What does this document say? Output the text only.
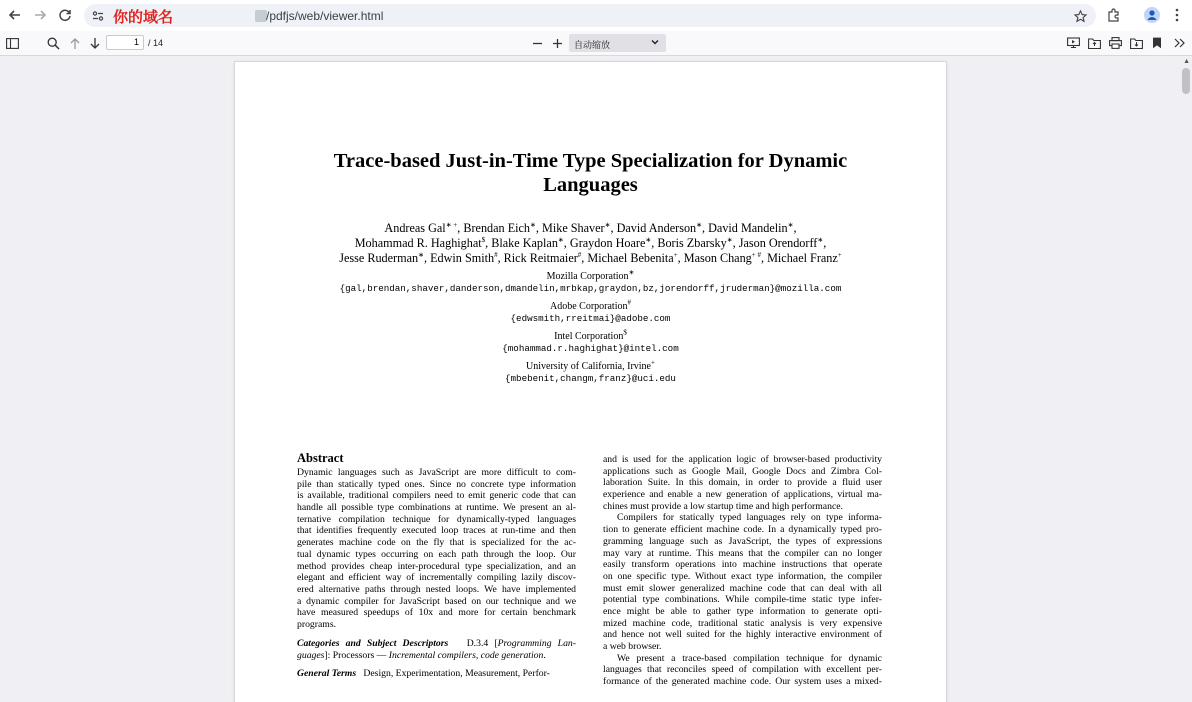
你的域名	/pdfjs/web/viewer.html
1	/ 14	自动缩放
▲
Trace-based Just-in-Time Type Specialization for Dynamic
Languages
Andreas Gal∗ +, Brendan Eich∗, Mike Shaver∗, David Anderson∗, David Mandelin∗,
Mohammad R. Haghighat$, Blake Kaplan∗, Graydon Hoare∗, Boris Zbarsky∗, Jason Orendorff∗,
Jesse Ruderman∗, Edwin Smith#, Rick Reitmaier#, Michael Bebenita+, Mason Chang+ #, Michael Franz+
Mozilla Corporation∗
{gal,brendan,shaver,danderson,dmandelin,mrbkap,graydon,bz,jorendorff,jruderman}@mozilla.com
Adobe Corporation#
{edwsmith,rreitmai}@adobe.com
Intel Corporation$
{mohammad.r.haghighat}@intel.com
University of California, Irvine+
{mbebenit,changm,franz}@uci.edu
Abstract
Dynamic languages such as JavaScript are more difficult to com-
pile than statically typed ones. Since no concrete type information
is available, traditional compilers need to emit generic code that can
handle all possible type combinations at runtime. We present an al-
ternative compilation technique for dynamically-typed languages
that identifies frequently executed loop traces at run-time and then
generates machine code on the fly that is specialized for the ac-
tual dynamic types occurring on each path through the loop. Our
method provides cheap inter-procedural type specialization, and an
elegant and efficient way of incrementally compiling lazily discov-
ered alternative paths through nested loops. We have implemented
a dynamic compiler for JavaScript based on our technique and we
have measured speedups of 10x and more for certain benchmark
programs.
Categories and Subject Descriptors D.3.4 [Programming Lan-
guages]: Processors — Incremental compilers, code generation.
General Terms Design, Experimentation, Measurement, Perfor-
and is used for the application logic of browser-based productivity
applications such as Google Mail, Google Docs and Zimbra Col-
laboration Suite. In this domain, in order to provide a fluid user
experience and enable a new generation of applications, virtual ma-
chines must provide a low startup time and high performance.
Compilers for statically typed languages rely on type informa-
tion to generate efficient machine code. In a dynamically typed pro-
gramming language such as JavaScript, the types of expressions
may vary at runtime. This means that the compiler can no longer
easily transform operations into machine instructions that operate
on one specific type. Without exact type information, the compiler
must emit slower generalized machine code that can deal with all
potential type combinations. While compile-time static type infer-
ence might be able to gather type information to generate opti-
mized machine code, traditional static analysis is very expensive
and hence not well suited for the highly interactive environment of
a web browser.
We present a trace-based compilation technique for dynamic
languages that reconciles speed of compilation with excellent per-
formance of the generated machine code. Our system uses a mixed-
